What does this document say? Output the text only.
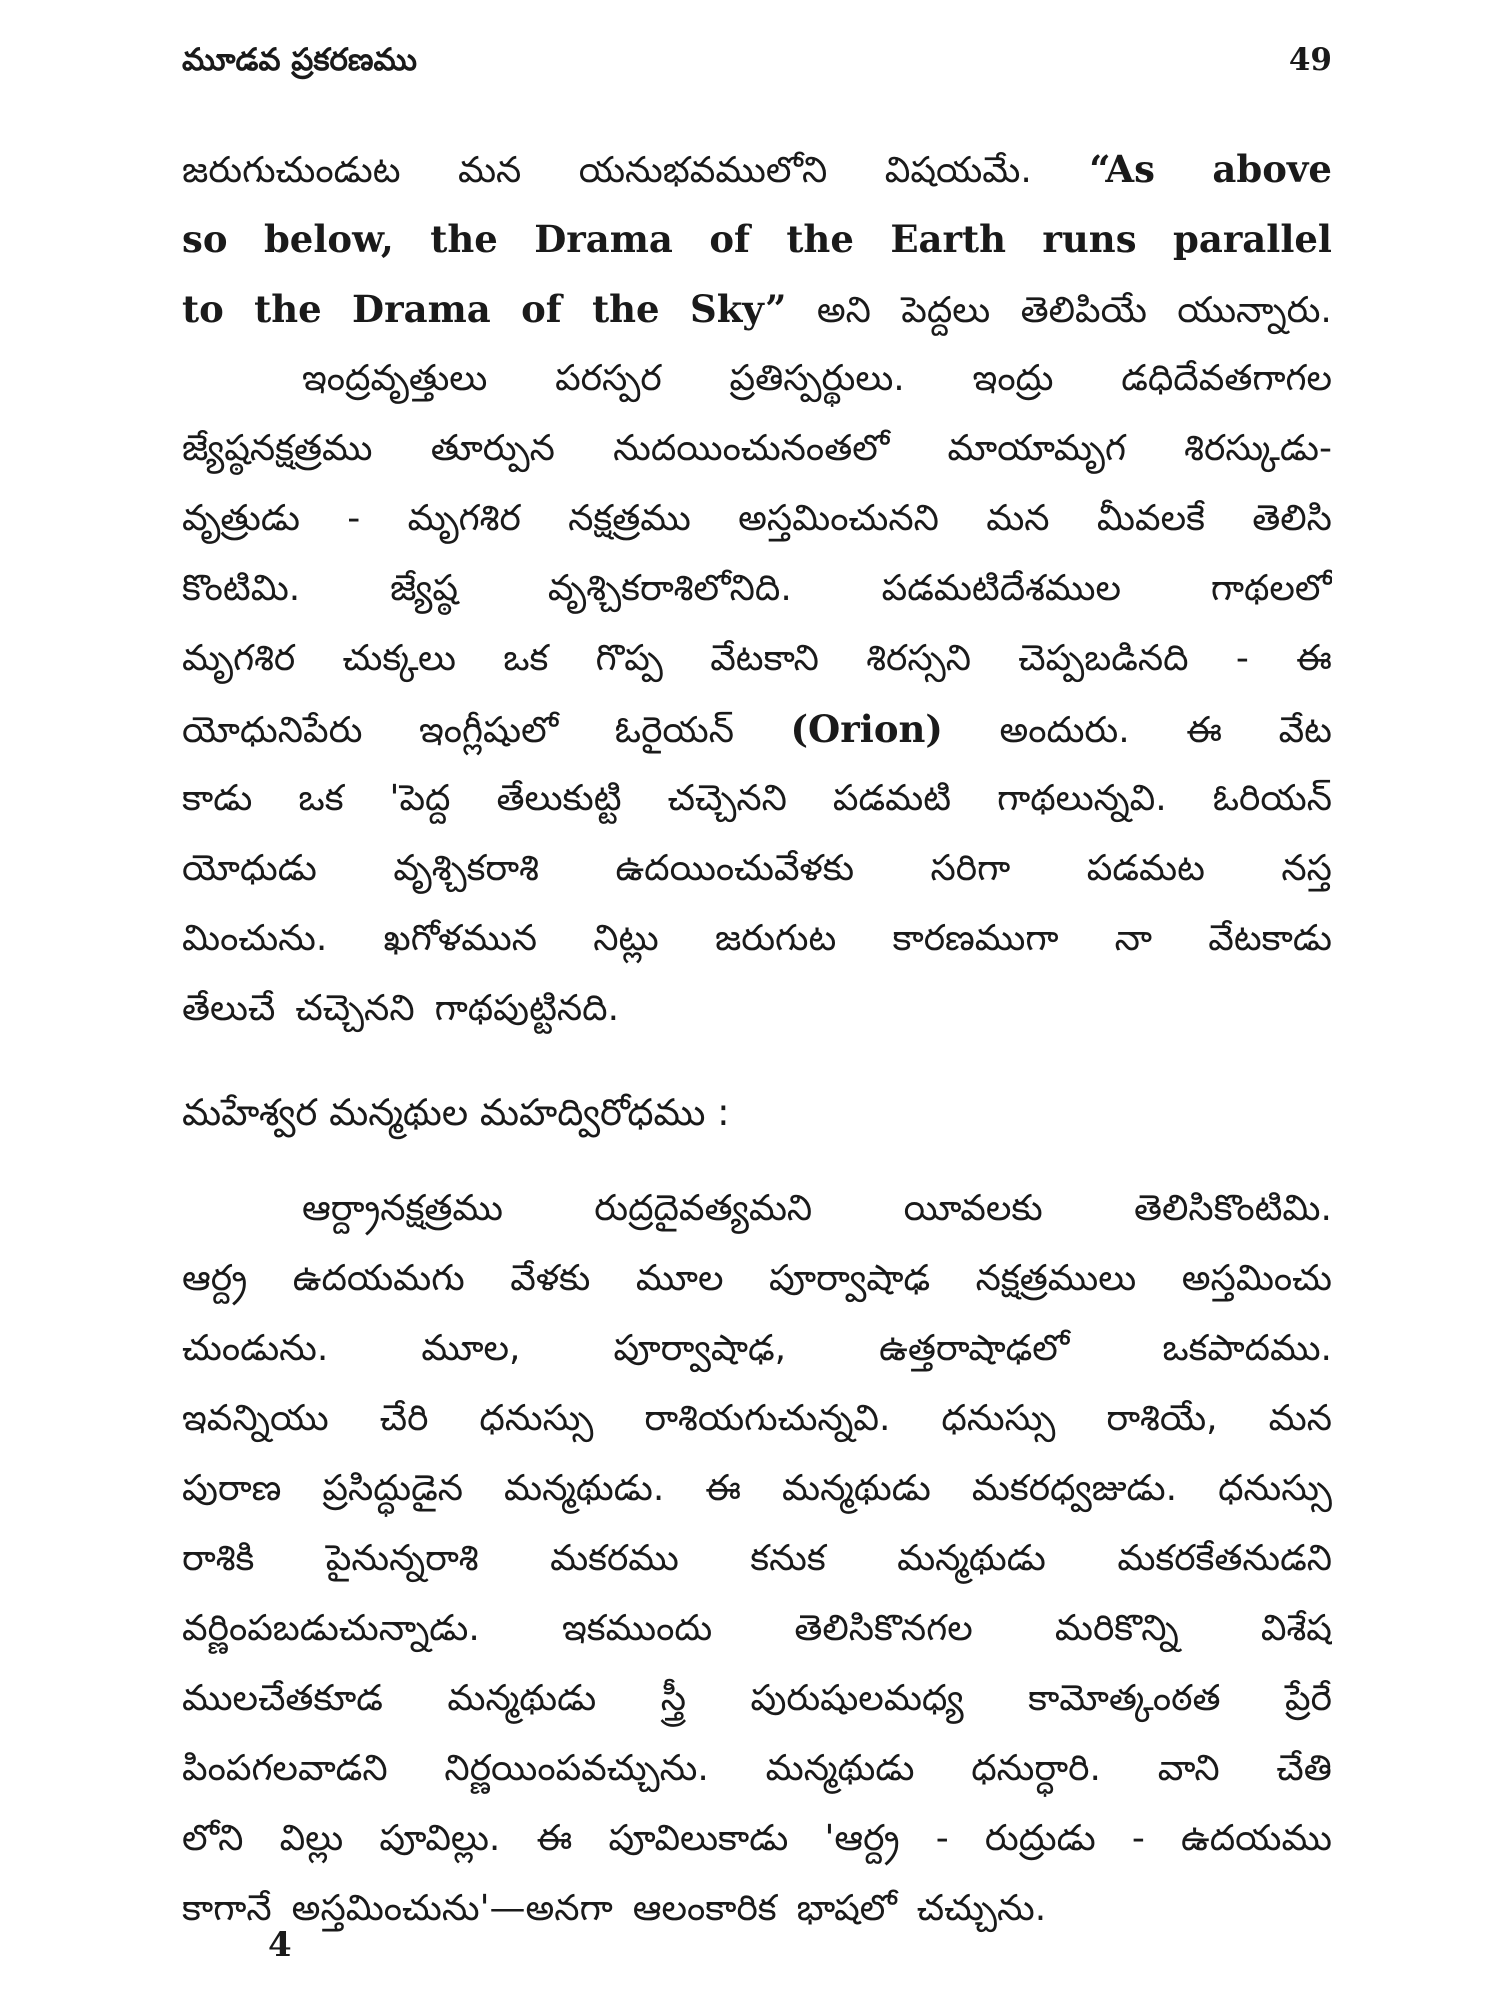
మూడవ ప్రకరణము	49
జరుగుచుండుట మన యనుభవములోని విషయమే. “As above
so below, the Drama of the Earth runs parallel
to the Drama of the Sky” అని పెద్దలు తెలిపియే యున్నారు.
ఇంద్రవృత్తులు పరస్పర ప్రతిస్పర్థులు. ఇంద్రు డధిదేవతగాగల
జ్యేష్ఠనక్షత్రము తూర్పున నుదయించునంతలో మాయామృగ శిరస్కుడు-
వృత్రుడు - మృగశిర నక్షత్రము అస్తమించునని మన మీవలకే తెలిసి
కొంటిమి. జ్యేష్ఠ వృశ్చికరాశిలోనిది. పడమటిదేశముల గాథలలో
మృగశిర చుక్కలు ఒక గొప్ప వేటకాని శిరస్సని చెప్పబడినది - ఈ
యోధునిపేరు ఇంగ్లీషులో ఓరైయన్ (Orion) అందురు. ఈ వేట
కాడు ఒక 'పెద్ద తేలుకుట్టి చచ్చెనని పడమటి గాథలున్నవి. ఓరియన్
యోధుడు వృశ్చికరాశి ఉదయించువేళకు సరిగా పడమట నస్త
మించును. ఖగోళమున నిట్లు జరుగుట కారణముగా నా వేటకాడు
తేలుచే చచ్చెనని గాథపుట్టినది.
మహేశ్వర మన్మథుల మహద్విరోధము :
ఆర్ద్రానక్షత్రము	రుద్రదైవత్యమని	యీవలకు	తెలిసికొంటిమి.
ఆర్ద్ర ఉదయమగు వేళకు మూల పూర్వాషాఢ నక్షత్రములు అస్తమించు
చుండును.	మూల,	పూర్వాషాఢ,	ఉత్తరాషాఢలో	ఒకపాదము.
ఇవన్నియు చేరి ధనుస్సు రాశియగుచున్నవి. ధనుస్సు రాశియే, మన
పురాణ ప్రసిద్ధుడైన మన్మథుడు. ఈ మన్మథుడు మకరధ్వజుడు. ధనుస్సు
రాశికి పైనున్నరాశి మకరము కనుక మన్మథుడు మకరకేతనుడని
వర్ణింపబడుచున్నాడు. ఇకముందు తెలిసికొనగల మరికొన్ని విశేష
ములచేతకూడ మన్మథుడు స్త్రీ పురుషులమధ్య కామోత్కంఠత ప్రేరే
పింపగలవాడని నిర్ణయింపవచ్చును. మన్మథుడు ధనుర్ధారి. వాని చేతి
లోని విల్లు పూవిల్లు. ఈ పూవిలుకాడు 'ఆర్ద్ర - రుద్రుడు - ఉదయము
కాగానే అస్తమించును'—అనగా ఆలంకారిక భాషలో చచ్చును.
4
